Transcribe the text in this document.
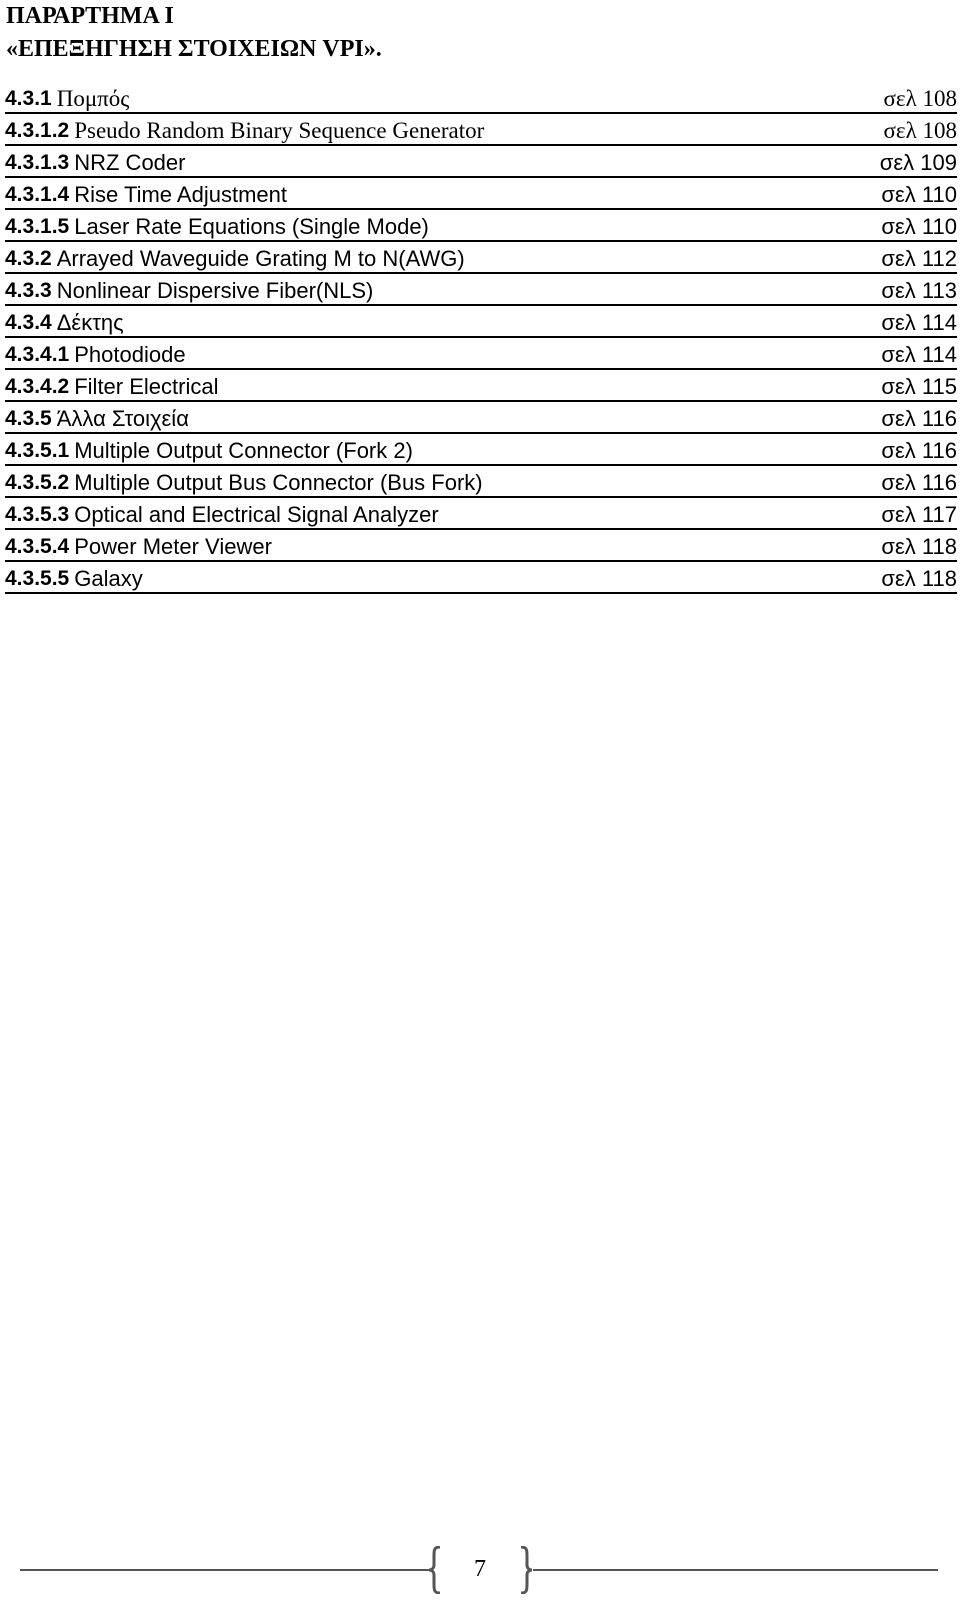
ΠΑΡΑΡΤΗΜΑ Ι
«ΕΠΕΞΗΓΗΣΗ ΣΤΟΙΧΕΙΩΝ VPI».
4.3.1 Πομπός	σελ 108
4.3.1.2 Pseudo Random Binary Sequence Generator	σελ 108
4.3.1.3 NRZ Coder	σελ 109
4.3.1.4 Rise Time Adjustment	σελ 110
4.3.1.5 Laser Rate Equations (Single Mode)	σελ 110
4.3.2 Arrayed Waveguide Grating M to N(AWG)	σελ 112
4.3.3 Nonlinear Dispersive Fiber(NLS)	σελ 113
4.3.4 Δέκτης	σελ 114
4.3.4.1 Photodiode	σελ 114
4.3.4.2 Filter Electrical	σελ 115
4.3.5 Άλλα Στοιχεία	σελ 116
4.3.5.1 Multiple Output Connector (Fork 2)	σελ 116
4.3.5.2 Multiple Output Bus Connector (Bus Fork)	σελ 116
4.3.5.3 Optical and Electrical Signal Analyzer	σελ 117
4.3.5.4 Power Meter Viewer	σελ 118
4.3.5.5 Galaxy	σελ 118
7
